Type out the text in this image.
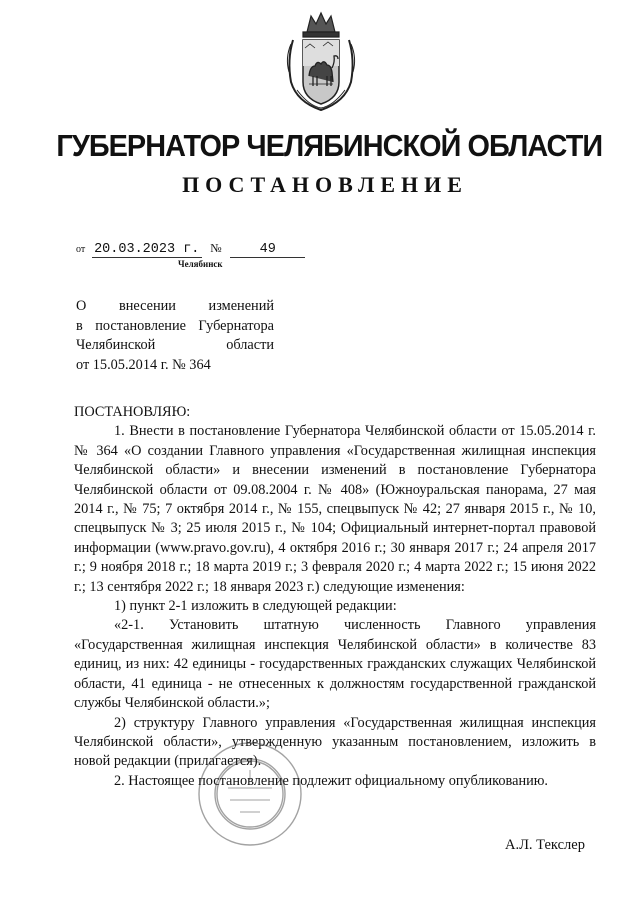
ГУБЕРНАТОР ЧЕЛЯБИНСКОЙ ОБЛАСТИ
ПОСТАНОВЛЕНИЕ
от 20.03.2023 г. №	49
Челябинск

О внесении изменений

в постановление Губернатора

Челябинской области

от 15.05.2014 г. № 364

ПОСТАНОВЛЯЮ:

1. Внести в постановление Губернатора Челябинской области от 15.05.2014 г. № 364 «О создании Главного управления «Государственная жилищная инспекция Челябинской области» и внесении изменений в постановление Губернатора Челябинской области от 09.08.2004 г. № 408» (Южноуральская панорама, 27 мая 2014 г., № 75; 7 октября 2014 г., № 155, спецвыпуск № 42; 27 января 2015 г., № 10, спецвыпуск № 3; 25 июля 2015 г., № 104; Официальный интернет-портал правовой информации (www.pravo.gov.ru), 4 октября 2016 г.; 30 января 2017 г.; 24 апреля 2017 г.; 9 ноября 2018 г.; 18 марта 2019 г.; 3 февраля 2020 г.; 4 марта 2022 г.; 15 июня 2022 г.; 13 сентября 2022 г.; 18 января 2023 г.) следующие изменения:

1) пункт 2-1 изложить в следующей редакции:

«2-1. Установить штатную численность Главного управления «Государственная жилищная инспекция Челябинской области» в количестве 83 единиц, из них: 42 единицы - государственных гражданских служащих Челябинской области, 41 единица - не отнесенных к должностям государственной гражданской службы Челябинской области.»;

2) структуру Главного управления «Государственная жилищная инспекция Челябинской области», утвержденную указанным постановлением, изложить в новой редакции (прилагается).

2. Настоящее постановление подлежит официальному опубликованию.

А.Л. Текслер
